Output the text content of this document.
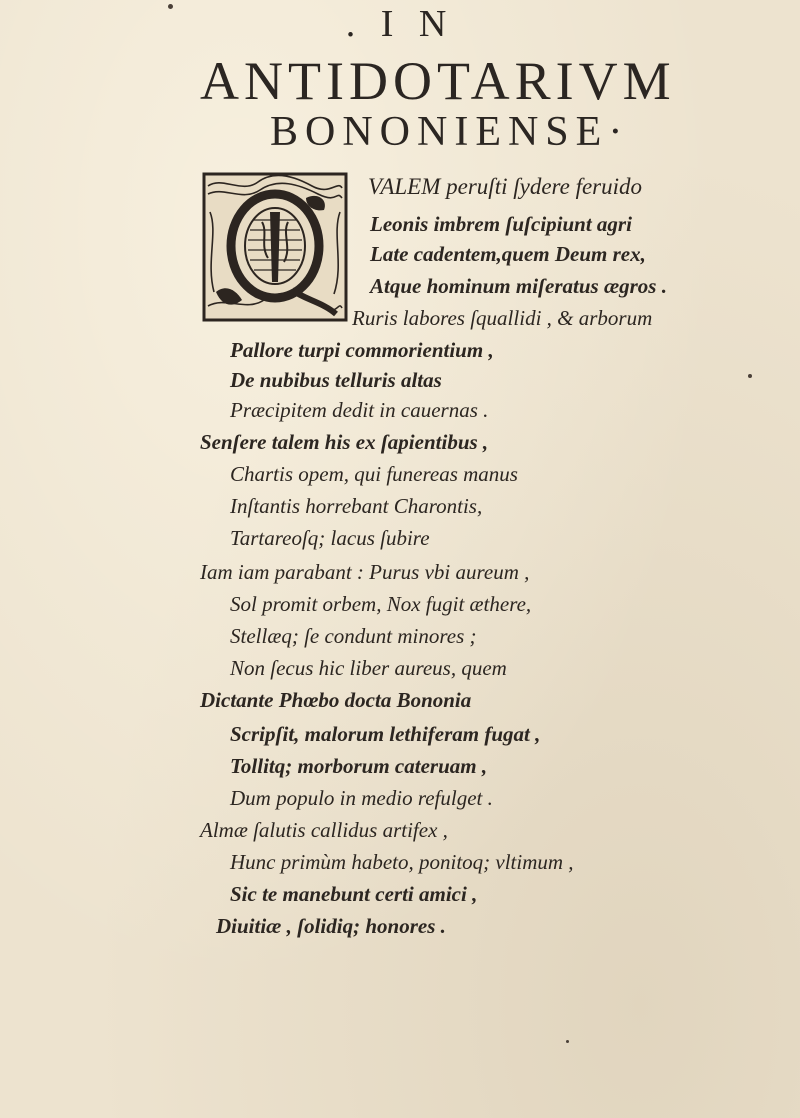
. I N
ANTIDOTARIVM
BONONIENSE·
VALEM peruſti ſydere feruido
Leonis imbrem ſuſcipiunt agri
Late cadentem,quem Deum rex,
Atque hominum miſeratus ægros .
Ruris labores ſquallidi , & arborum
Pallore turpi commorientium ,
De nubibus telluris altas
Præcipitem dedit in cauernas .
Senſere talem his ex ſapientibus ,
Chartis opem, qui funereas manus
Inſtantis horrebant Charontis,
Tartareoſq; lacus ſubire
Iam iam parabant : Purus vbi aureum ,
Sol promit orbem, Nox fugit æthere,
Stellæq; ſe condunt minores ;
Non ſecus hic liber aureus, quem
Dictante Phœbo docta Bononia
Scripſit, malorum lethiferam fugat ,
Tollitq; morborum cateruam ,
Dum populo in medio refulget .
Almæ ſalutis callidus artifex ,
Hunc primùm habeto, ponitoq; vltimum ,
Sic te manebunt certi amici ,
Diuitiæ , ſolidiq; honores .
